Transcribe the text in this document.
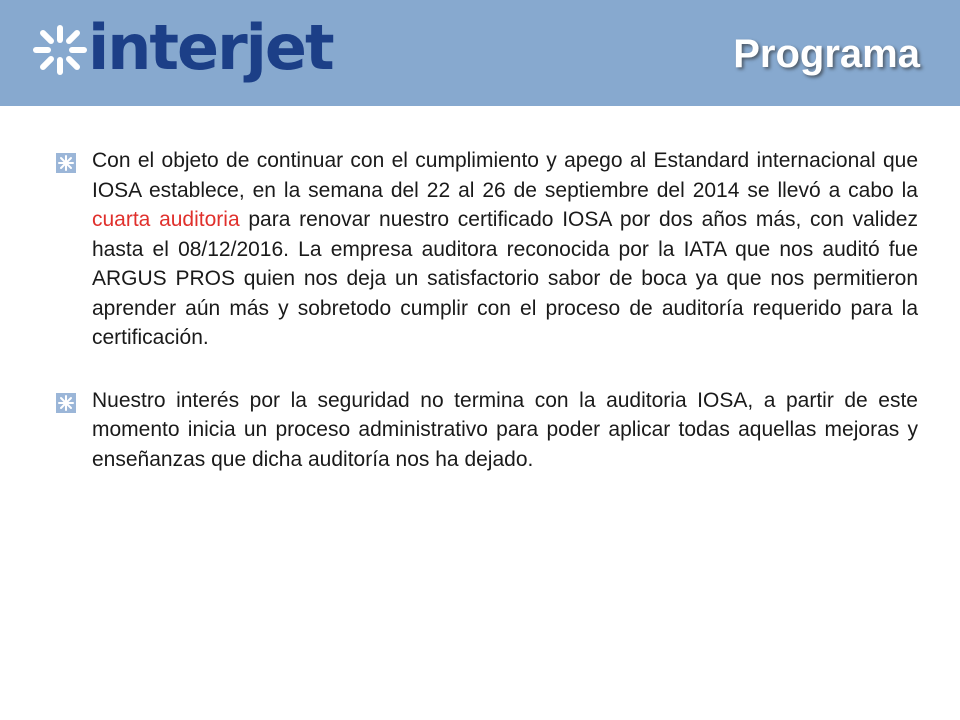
interjet	Programa
Con el objeto de continuar con el cumplimiento y apego al Estandard internacional que IOSA establece, en la semana del 22 al 26 de septiembre del 2014 se llevó a cabo la cuarta auditoria para renovar nuestro certificado IOSA por dos años más, con validez hasta el 08/12/2016. La empresa auditora reconocida por la IATA que nos auditó fue ARGUS PROS quien nos deja un satisfactorio sabor de boca ya que nos permitieron aprender aún más y sobretodo cumplir con el proceso de auditoría requerido para la certificación.
Nuestro interés por la seguridad no termina con la auditoria IOSA, a partir de este momento inicia un proceso administrativo para poder aplicar todas aquellas mejoras y enseñanzas que dicha auditoría nos ha dejado.
